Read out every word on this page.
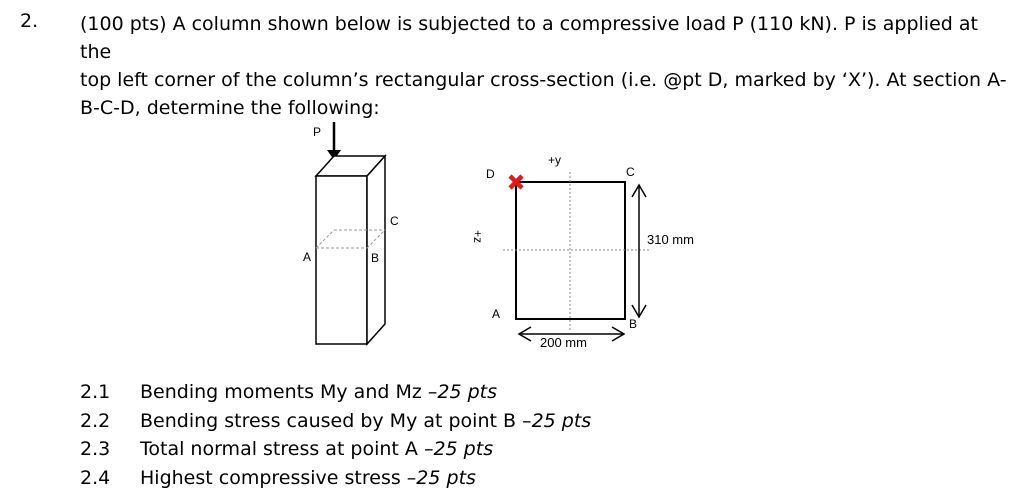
2. (100 pts) A column shown below is subjected to a compressive load P (110 kN). P is applied at the

top left corner of the column’s rectangular cross-section (i.e. @pt D, marked by ‘X’). At section A-

B-C-D, determine the following:

P
A	B
C
D
+y
C
A
B
+z
200 mm
310 mm
2.1	Bending moments My and Mz – 25 pts
2.2	Bending stress caused by My at point B – 25 pts
2.3	Total normal stress at point A – 25 pts
2.4	Highest compressive stress – 25 pts
